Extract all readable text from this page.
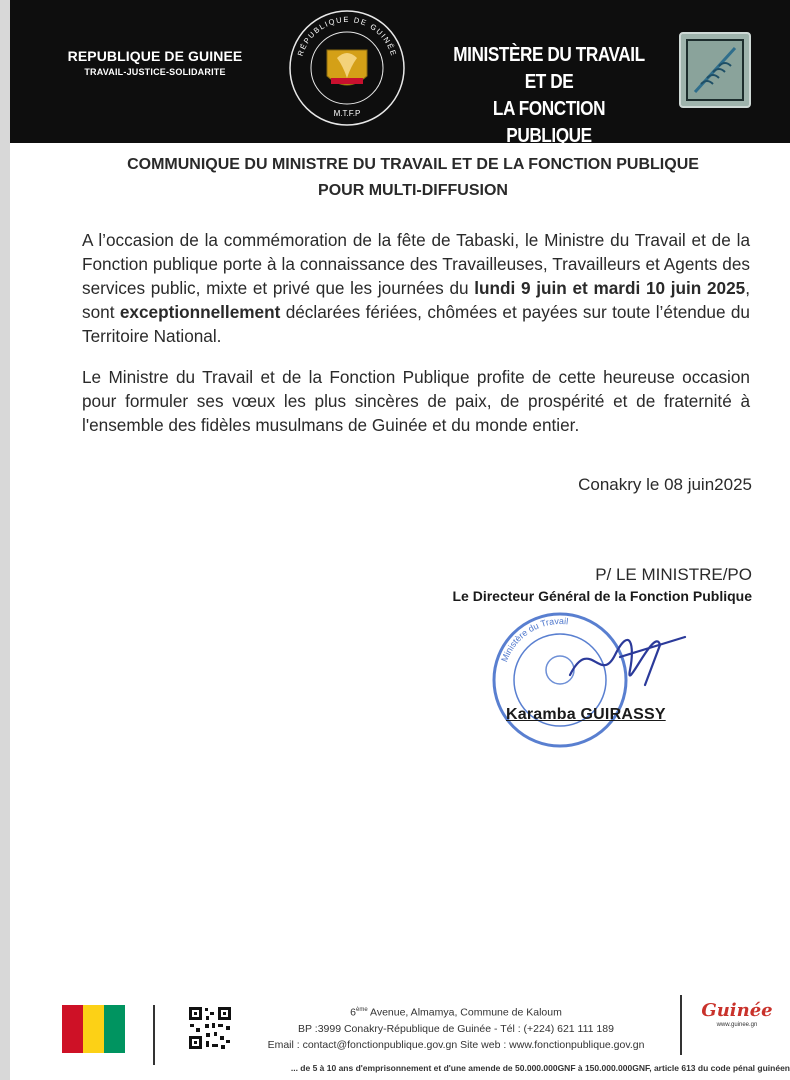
REPUBLIQUE DE GUINEE
TRAVAIL-JUSTICE-SOLIDARITE
RÉPUBLIQUE DE GUINÉE
M.T.F.P
MINISTÈRE DU TRAVAIL ET DE
LA FONCTION PUBLIQUE
COMMUNIQUE DU MINISTRE DU TRAVAIL ET DE LA FONCTION PUBLIQUE
POUR MULTI-DIFFUSION
A l’occasion de la commémoration de la fête de Tabaski, le Ministre du Travail et de la Fonction publique porte à la connaissance des Travailleuses, Travailleurs et Agents des services public, mixte et privé que les journées du lundi 9 juin et mardi 10 juin 2025, sont exceptionnellement déclarées fériées, chômées et payées sur toute l’étendue du Territoire National.
Le Ministre du Travail et de la Fonction Publique profite de cette heureuse occasion pour formuler ses vœux les plus sincères de paix, de prospérité et de fraternité à l'ensemble des fidèles musulmans de Guinée et du monde entier.
Conakry le 08 juin2025
P/ LE MINISTRE/PO
Le Directeur Général de la Fonction Publique
Ministère du Travail
Karamba GUIRASSY
6ème Avenue, Almamya, Commune de Kaloum
BP :3999 Conakry-République de Guinée - Tél : (+224) 621 111 189
Email : contact@fonctionpublique.gov.gn Site web : www.fonctionpublique.gov.gn
Guinée
www.guinee.gn
... de 5 à 10 ans d'emprisonnement et d'une amende de 50.000.000GNF à 150.000.000GNF, article 613 du code pénal guinéen
